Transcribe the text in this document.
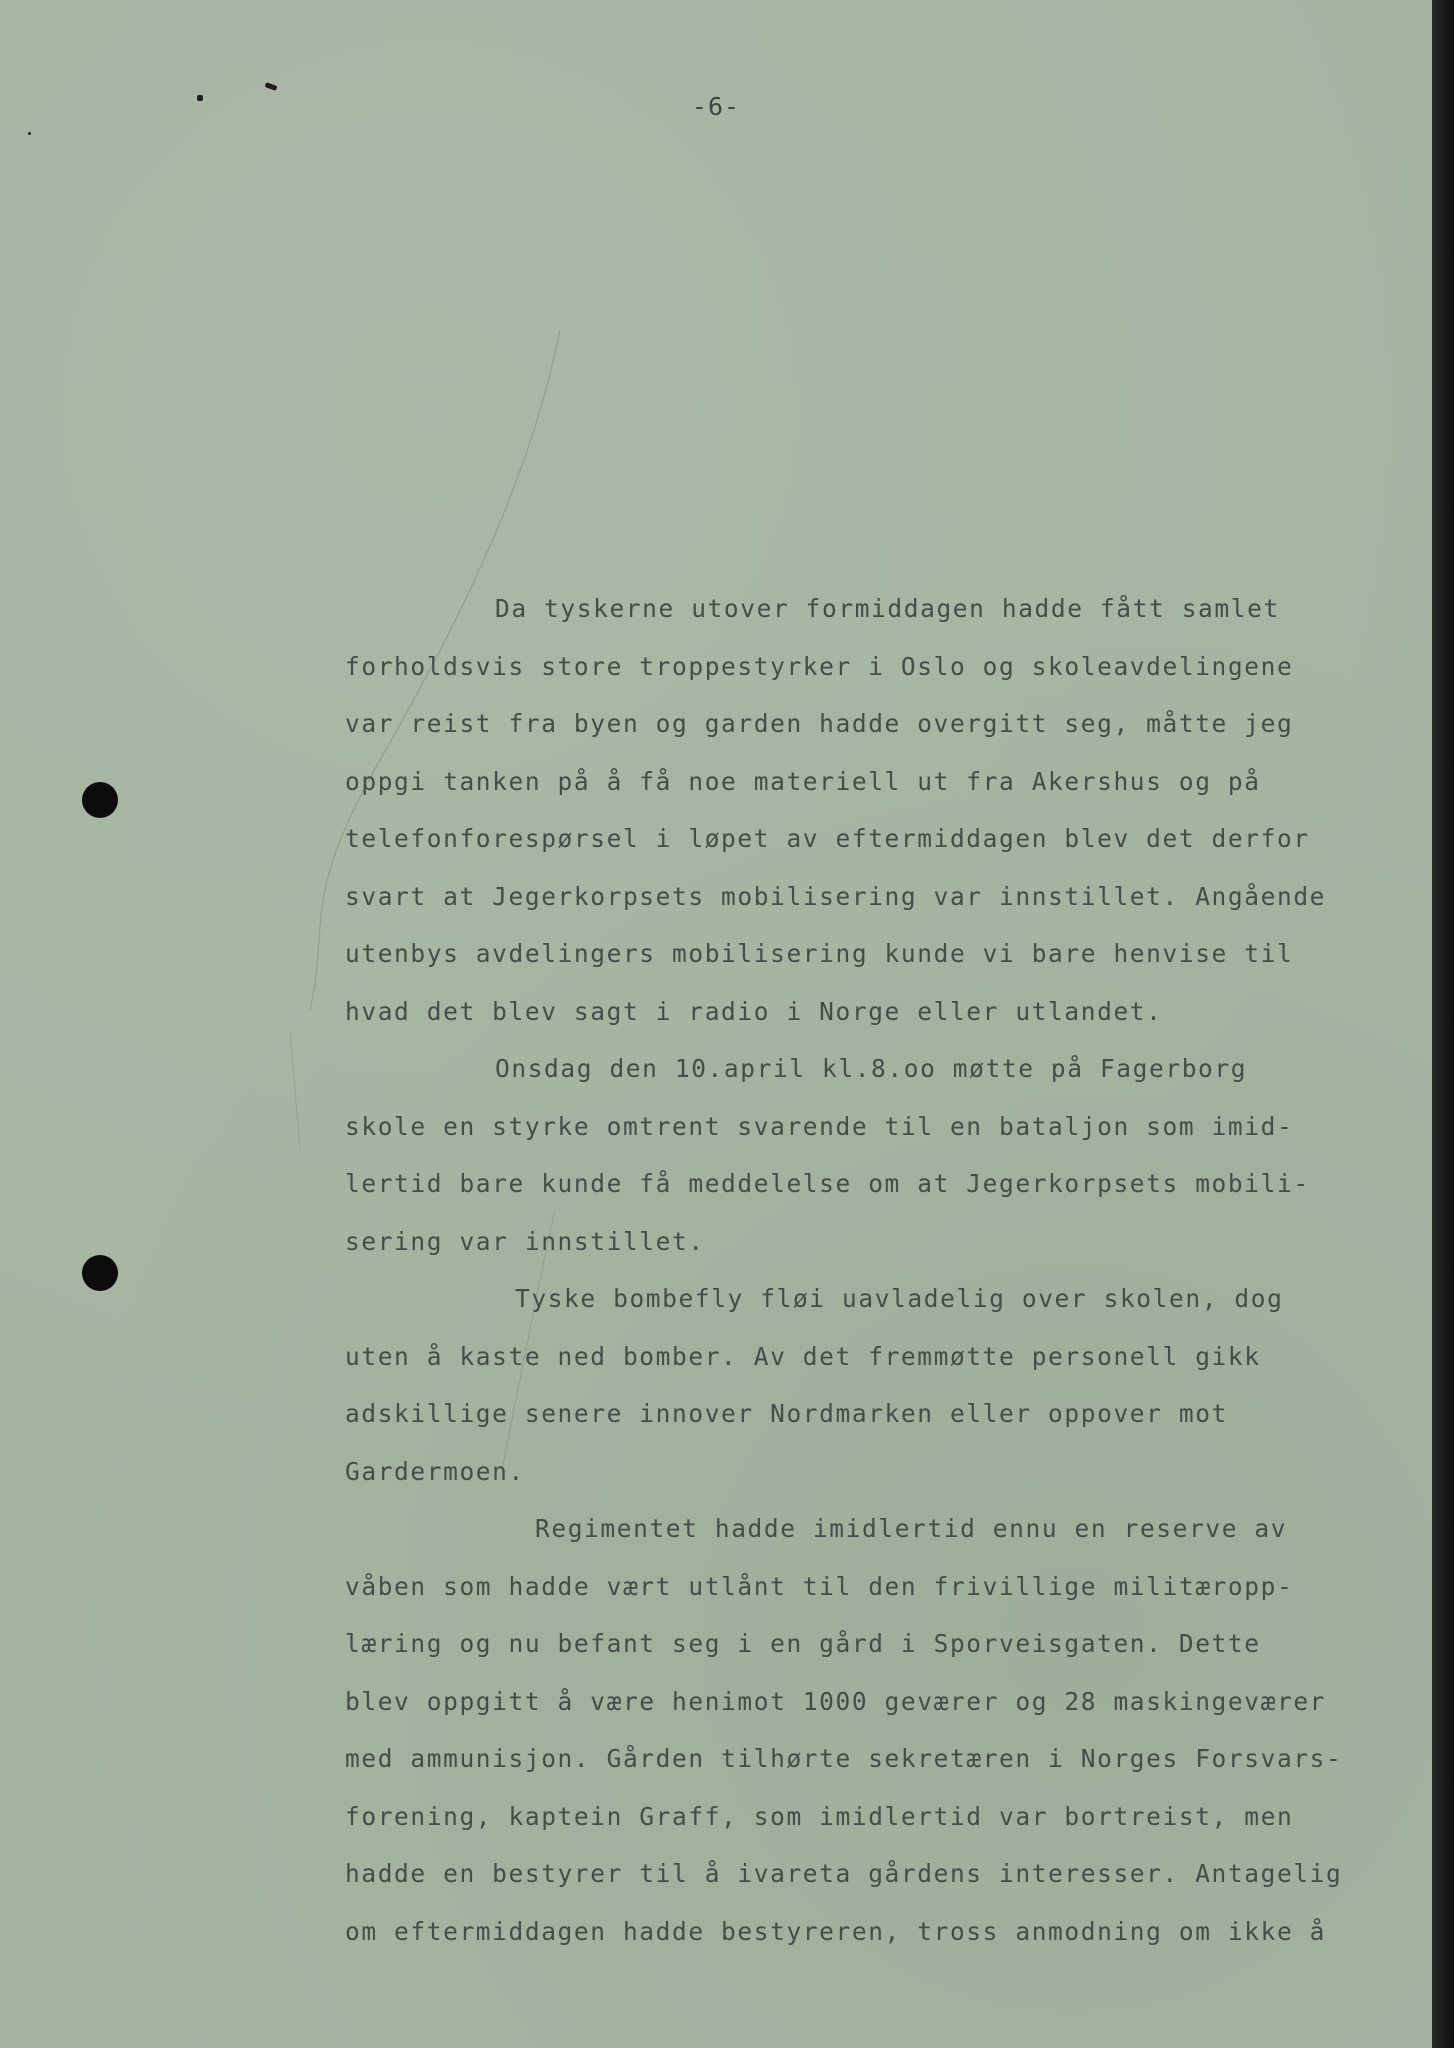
-6-
Da tyskerne utover formiddagen hadde fått samlet
forholdsvis store troppestyrker i Oslo og skoleavdelingene
var reist fra byen og garden hadde overgitt seg, måtte jeg
oppgi tanken på å få noe materiell ut fra Akershus og på
telefonforespørsel i løpet av eftermiddagen blev det derfor
svart at Jegerkorpsets mobilisering var innstillet. Angående
utenbys avdelingers mobilisering kunde vi bare henvise til
hvad det blev sagt i radio i Norge eller utlandet.
Onsdag den 10.april kl.8.oo møtte på Fagerborg
skole en styrke omtrent svarende til en bataljon som imid-
lertid bare kunde få meddelelse om at Jegerkorpsets mobili-
sering var innstillet.
Tyske bombefly fløi uavladelig over skolen, dog
uten å kaste ned bomber. Av det fremmøtte personell gikk
adskillige senere innover Nordmarken eller oppover mot
Gardermoen.
Regimentet hadde imidlertid ennu en reserve av
våben som hadde vært utlånt til den frivillige militæropp-
læring og nu befant seg i en gård i Sporveisgaten. Dette
blev oppgitt å være henimot 1000 geværer og 28 maskingeværer
med ammunisjon. Gården tilhørte sekretæren i Norges Forsvars-
forening, kaptein Graff, som imidlertid var bortreist, men
hadde en bestyrer til å ivareta gårdens interesser. Antagelig
om eftermiddagen hadde bestyreren, tross anmodning om ikke å
